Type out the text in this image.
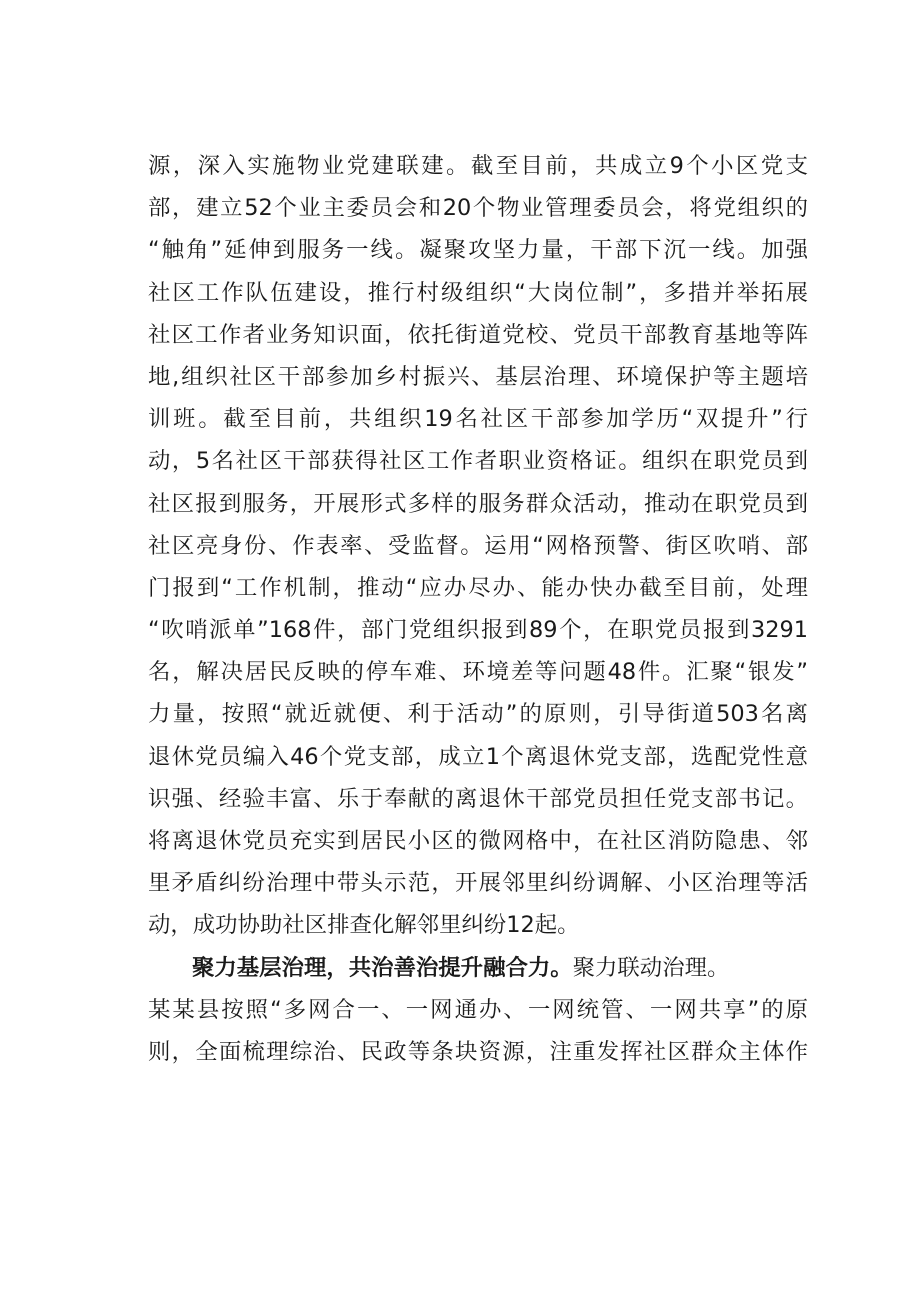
源，深入实施物业党建联建。截至目前，共成立9个小区党支
部，建立52个业主委员会和20个物业管理委员会，将党组织的
“触角”延伸到服务一线。凝聚攻坚力量，干部下沉一线。加强
社区工作队伍建设，推行村级组织“大岗位制”，多措并举拓展
社区工作者业务知识面，依托街道党校、党员干部教育基地等阵
地,组织社区干部参加乡村振兴、基层治理、环境保护等主题培
训班。截至目前，共组织19名社区干部参加学历“双提升”行
动，5名社区干部获得社区工作者职业资格证。组织在职党员到
社区报到服务，开展形式多样的服务群众活动，推动在职党员到
社区亮身份、作表率、受监督。运用“网格预警、街区吹哨、部
门报到“工作机制，推动“应办尽办、能办快办截至目前，处理
“吹哨派单”168件，部门党组织报到89个，在职党员报到3291
名，解决居民反映的停车难、环境差等问题48件。汇聚“银发”
力量，按照“就近就便、利于活动”的原则，引导街道503名离
退休党员编入46个党支部，成立1个离退休党支部，选配党性意
识强、经验丰富、乐于奉献的离退休干部党员担任党支部书记。
将离退休党员充实到居民小区的微网格中，在社区消防隐患、邻
里矛盾纠纷治理中带头示范，开展邻里纠纷调解、小区治理等活
动，成功协助社区排查化解邻里纠纷12起。
聚力基层治理，共治善治提升融合力。聚力联动治理。
某某县按照“多网合一、一网通办、一网统管、一网共享”的原
则，全面梳理综治、民政等条块资源，注重发挥社区群众主体作
